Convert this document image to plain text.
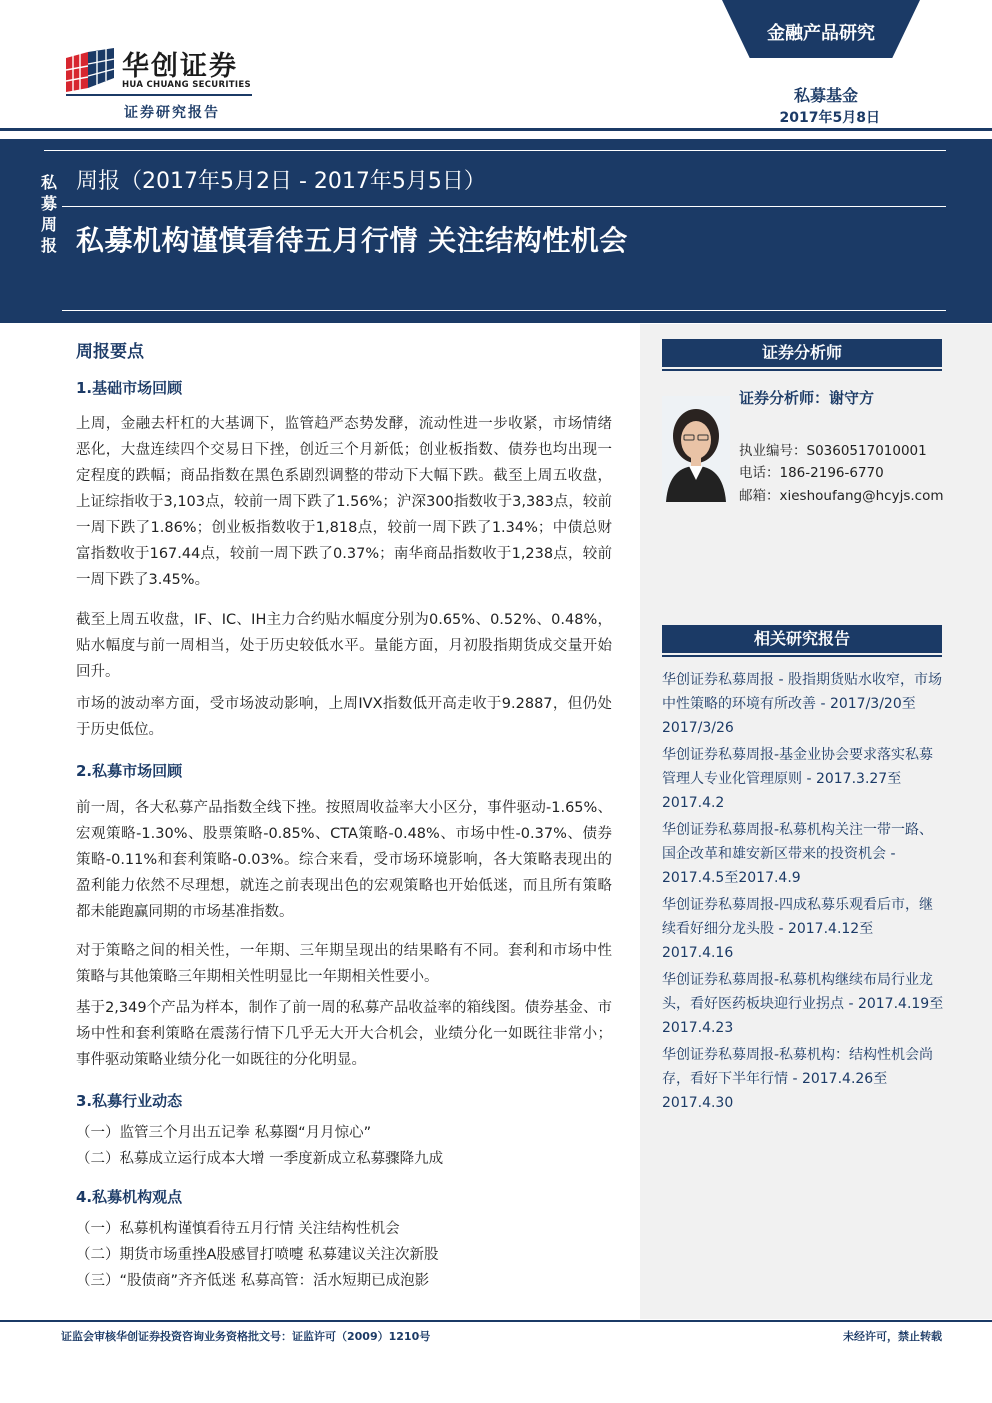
华创证券
HUA CHUANG SECURITIES
证券研究报告
金融产品研究
私募基金
2017年5月8日
私募周报
周报（2017年5月2日 - 2017年5月5日）
私募机构谨慎看待五月行情 关注结构性机会
周报要点
1.基础市场回顾
上周，金融去杆杠的大基调下，监管趋严态势发酵，流动性进一步收紧，市场情绪恶化，大盘连续四个交易日下挫，创近三个月新低；创业板指数、债券也均出现一定程度的跌幅；商品指数在黑色系剧烈调整的带动下大幅下跌。截至上周五收盘，上证综指收于3,103点，较前一周下跌了1.56%；沪深300指数收于3,383点，较前一周下跌了1.86%；创业板指数收于1,818点，较前一周下跌了1.34%；中债总财富指数收于167.44点，较前一周下跌了0.37%；南华商品指数收于1,238点，较前一周下跌了3.45%。
截至上周五收盘，IF、IC、IH主力合约贴水幅度分别为0.65%、0.52%、0.48%，贴水幅度与前一周相当，处于历史较低水平。量能方面，月初股指期货成交量开始回升。
市场的波动率方面，受市场波动影响，上周IVX指数低开高走收于9.2887，但仍处于历史低位。
2.私募市场回顾
前一周，各大私募产品指数全线下挫。按照周收益率大小区分，事件驱动-1.65%、宏观策略-1.30%、股票策略-0.85%、CTA策略-0.48%、市场中性-0.37%、债券策略-0.11%和套利策略-0.03%。综合来看，受市场环境影响，各大策略表现出的盈利能力依然不尽理想，就连之前表现出色的宏观策略也开始低迷，而且所有策略都未能跑赢同期的市场基准指数。
对于策略之间的相关性，一年期、三年期呈现出的结果略有不同。套利和市场中性策略与其他策略三年期相关性明显比一年期相关性要小。
基于2,349个产品为样本，制作了前一周的私募产品收益率的箱线图。债券基金、市场中性和套利策略在震荡行情下几乎无大开大合机会，业绩分化一如既往非常小；事件驱动策略业绩分化一如既往的分化明显。
3.私募行业动态
（一）监管三个月出五记拳 私募圈“月月惊心”
（二）私募成立运行成本大增 一季度新成立私募骤降九成
4.私募机构观点
（一）私募机构谨慎看待五月行情 关注结构性机会
（二）期货市场重挫A股感冒打喷嚏 私募建议关注次新股
（三）“股债商”齐齐低迷 私募高管：活水短期已成泡影
证券分析师
证券分析师：谢守方
执业编号：S0360517010001
电话：186-2196-6770
邮箱：xieshoufang@hcyjs.com
相关研究报告
华创证券私募周报 - 股指期货贴水收窄，市场中性策略的环境有所改善 - 2017/3/20至2017/3/26
华创证券私募周报-基金业协会要求落实私募管理人专业化管理原则 - 2017.3.27至2017.4.2
华创证券私募周报-私募机构关注一带一路、国企改革和雄安新区带来的投资机会 - 2017.4.5至2017.4.9
华创证券私募周报-四成私募乐观看后市，继续看好细分龙头股 - 2017.4.12至2017.4.16
华创证券私募周报-私募机构继续布局行业龙头，看好医药板块迎行业拐点 - 2017.4.19至2017.4.23
华创证券私募周报-私募机构：结构性机会尚存，看好下半年行情 - 2017.4.26至2017.4.30
证监会审核华创证券投资咨询业务资格批文号：证监许可（2009）1210号	未经许可，禁止转载
